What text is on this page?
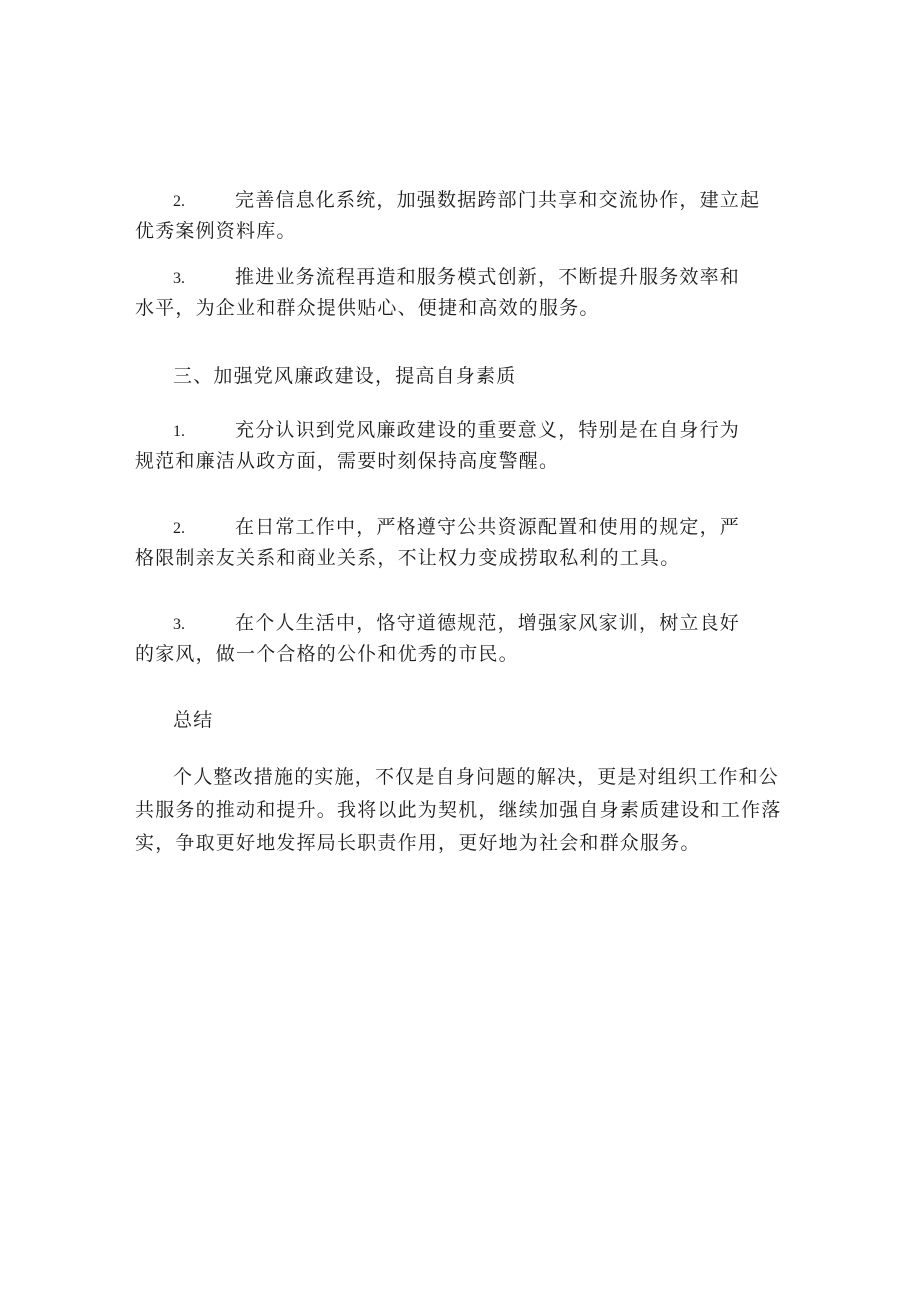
2.	完善信息化系统，加强数据跨部门共享和交流协作，建立起
优秀案例资料库。
3.	推进业务流程再造和服务模式创新，不断提升服务效率和
水平，为企业和群众提供贴心、便捷和高效的服务。
三、加强党风廉政建设，提高自身素质
1.	充分认识到党风廉政建设的重要意义，特别是在自身行为
规范和廉洁从政方面，需要时刻保持高度警醒。
2.	在日常工作中，严格遵守公共资源配置和使用的规定，严
格限制亲友关系和商业关系，不让权力变成捞取私利的工具。
3.	在个人生活中，恪守道德规范，增强家风家训，树立良好
的家风，做一个合格的公仆和优秀的市民。
总结
个人整改措施的实施，不仅是自身问题的解决，更是对组织工作和公
共服务的推动和提升。我将以此为契机，继续加强自身素质建设和工作落
实，争取更好地发挥局长职责作用，更好地为社会和群众服务。
